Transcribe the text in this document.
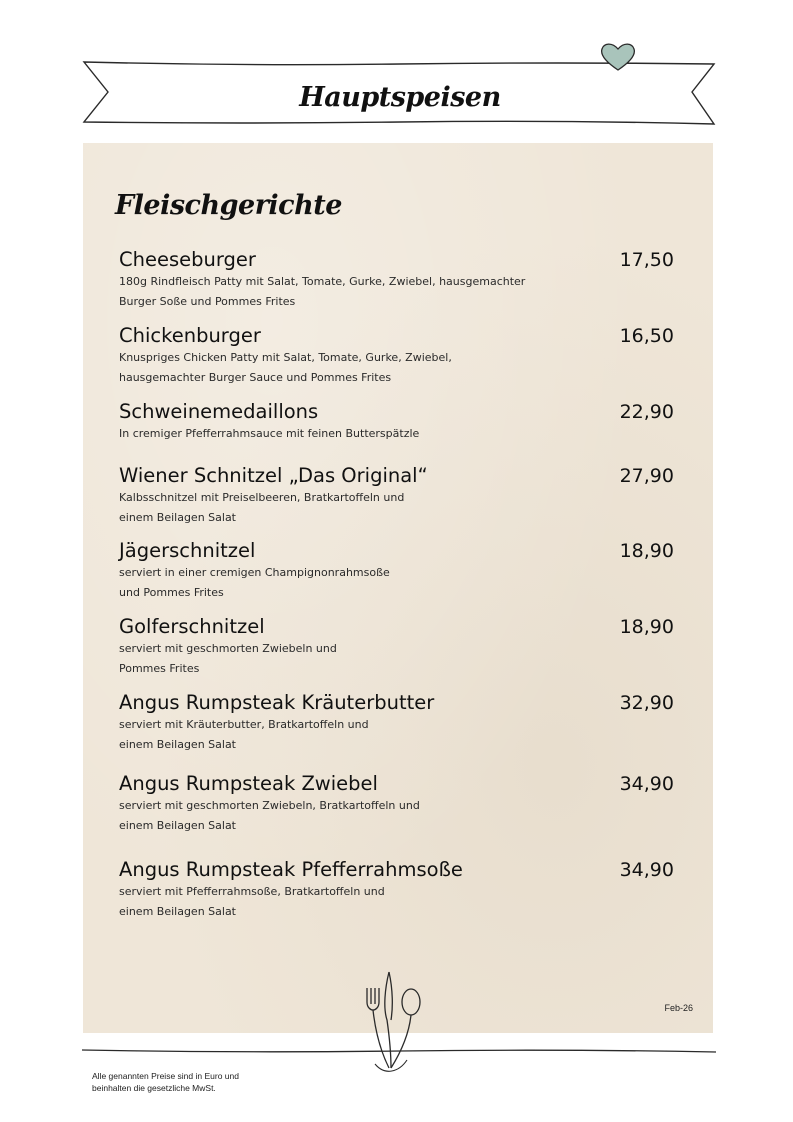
Hauptspeisen
Fleischgerichte
Cheeseburger	17,50
180g Rindfleisch Patty mit Salat, Tomate, Gurke, Zwiebel, hausgemachter Burger Soße und Pommes Frites
Chickenburger	16,50
Knuspriges Chicken Patty mit Salat, Tomate, Gurke, Zwiebel, hausgemachter Burger Sauce und Pommes Frites
Schweinemedaillons	22,90
In cremiger Pfefferrahmsauce mit feinen Butterspätzle
Wiener Schnitzel „Das Original“	27,90
Kalbsschnitzel mit Preiselbeeren, Bratkartoffeln und einem Beilagen Salat
Jägerschnitzel	18,90
serviert in einer cremigen Champignonrahmsoße und Pommes Frites
Golferschnitzel	18,90
serviert mit geschmorten Zwiebeln und Pommes Frites
Angus Rumpsteak Kräuterbutter	32,90
serviert mit Kräuterbutter, Bratkartoffeln und einem Beilagen Salat
Angus Rumpsteak Zwiebel	34,90
serviert mit geschmorten Zwiebeln, Bratkartoffeln und einem Beilagen Salat
Angus Rumpsteak Pfefferrahmsoße	34,90
serviert mit Pfefferrahmsoße, Bratkartoffeln und einem Beilagen Salat
Feb-26
Alle genannten Preise sind in Euro und
beinhalten die gesetzliche MwSt.
